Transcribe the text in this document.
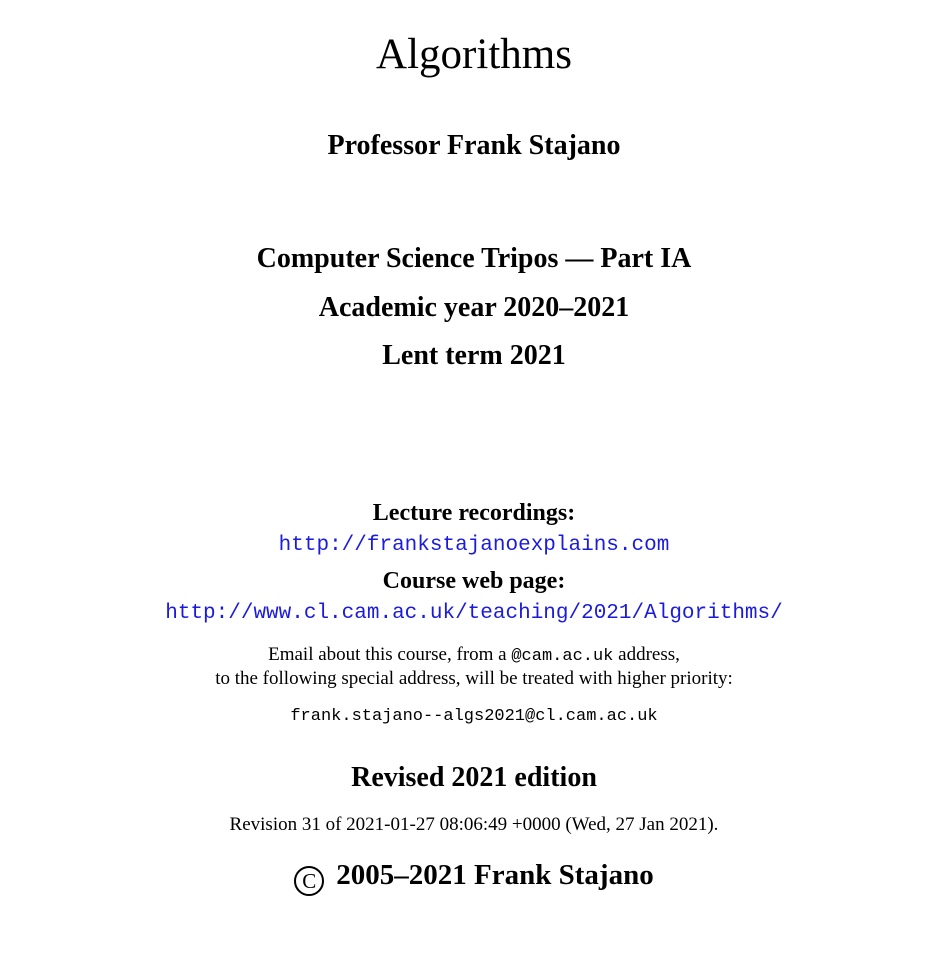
Algorithms
Professor Frank Stajano
Computer Science Tripos — Part IA
Academic year 2020–2021
Lent term 2021
Lecture recordings:
http://frankstajanoexplains.com
Course web page:
http://www.cl.cam.ac.uk/teaching/2021/Algorithms/
Email about this course, from a @cam.ac.uk address,
to the following special address, will be treated with higher priority:
frank.stajano--algs2021@cl.cam.ac.uk
Revised 2021 edition
Revision 31 of 2021-01-27 08:06:49 +0000 (Wed, 27 Jan 2021).
C 2005–2021 Frank Stajano
